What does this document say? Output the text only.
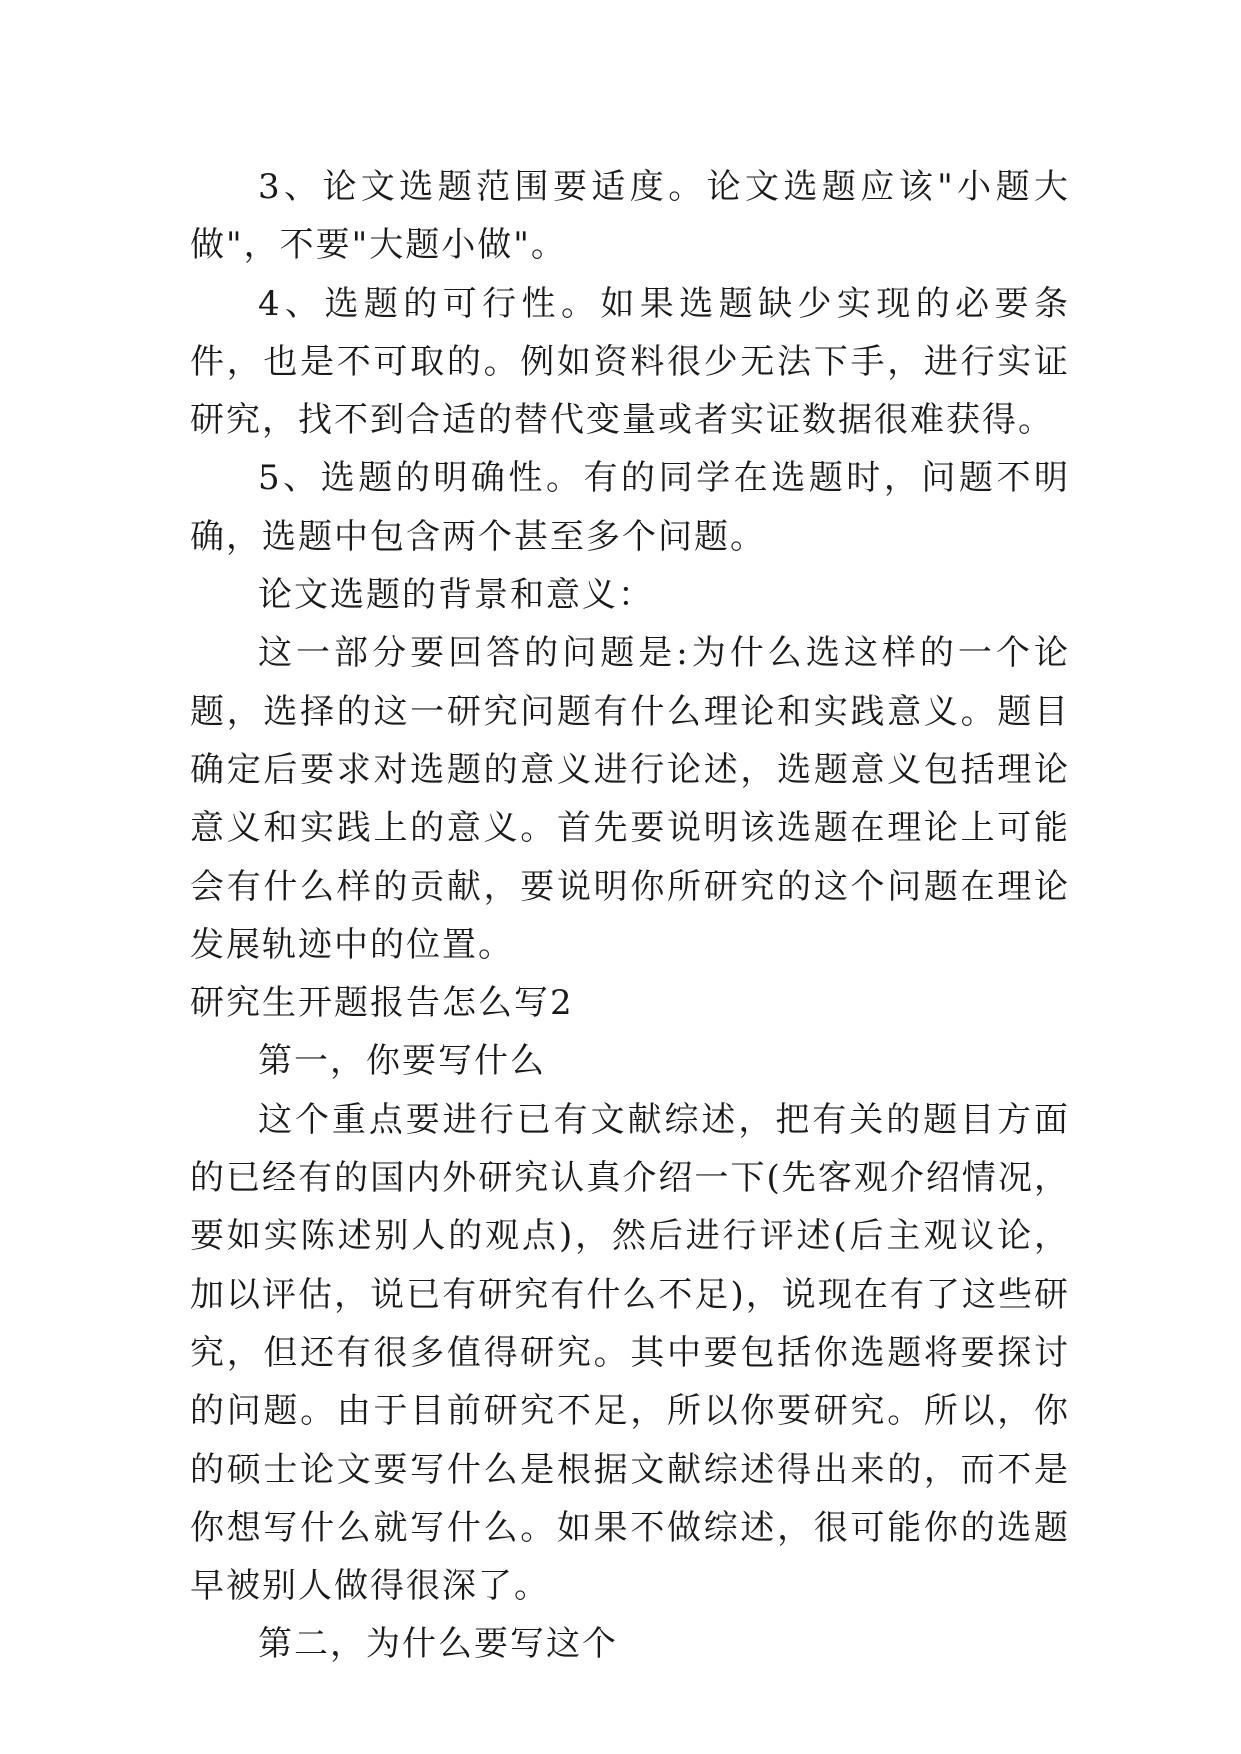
3、论文选题范围要适度。论文选题应该"小题大做"，不要"大题小做"。

4、选题的可行性。如果选题缺少实现的必要条件，也是不可取的。例如资料很少无法下手，进行实证研究，找不到合适的替代变量或者实证数据很难获得。

5、选题的明确性。有的同学在选题时，问题不明确，选题中包含两个甚至多个问题。

论文选题的背景和意义：

这一部分要回答的问题是:为什么选这样的一个论题，选择的这一研究问题有什么理论和实践意义。题目确定后要求对选题的意义进行论述，选题意义包括理论意义和实践上的意义。首先要说明该选题在理论上可能会有什么样的贡献，要说明你所研究的这个问题在理论发展轨迹中的位置。

研究生开题报告怎么写2

第一，你要写什么

这个重点要进行已有文献综述，把有关的题目方面的已经有的国内外研究认真介绍一下(先客观介绍情况，要如实陈述别人的观点)，然后进行评述(后主观议论，加以评估，说已有研究有什么不足)，说现在有了这些研究，但还有很多值得研究。其中要包括你选题将要探讨的问题。由于目前研究不足，所以你要研究。所以，你的硕士论文要写什么是根据文献综述得出来的，而不是你想写什么就写什么。如果不做综述，很可能你的选题早被别人做得很深了。

第二，为什么要写这个
